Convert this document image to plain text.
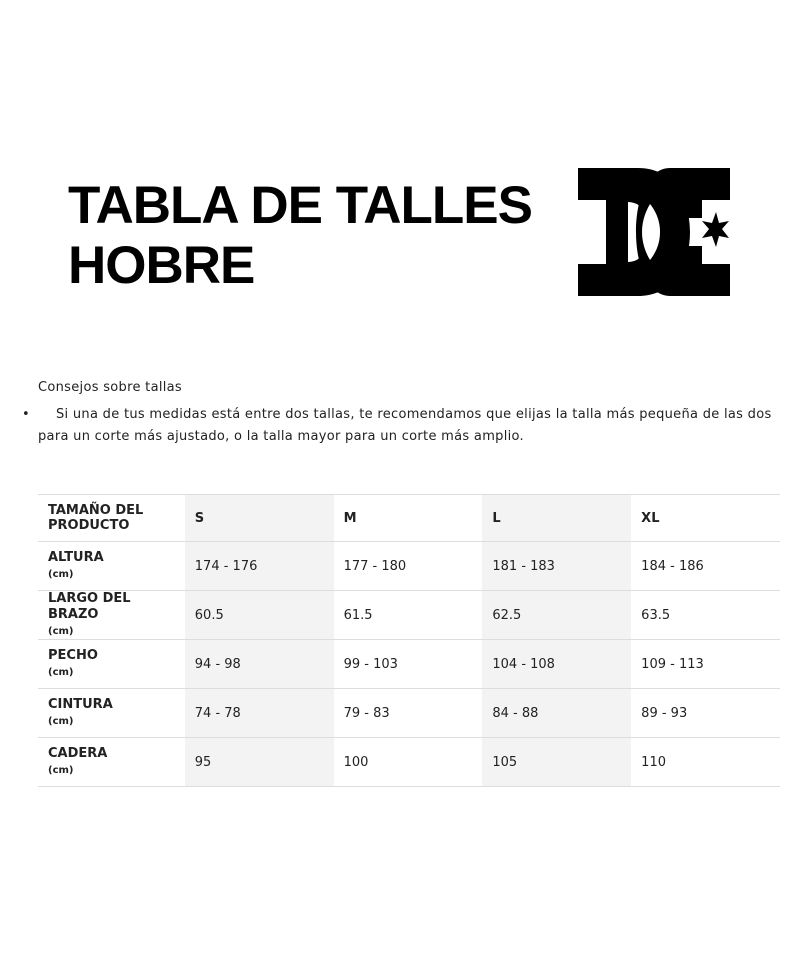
TABLA DE TALLES
HOBRE

Consejos sobre tallas

• Si una de tus medidas está entre dos tallas, te recomendamos que elijas la talla más pequeña de las dos para un corte más ajustado, o la talla mayor para un corte más amplio.
TAMAÑO DEL
PRODUCTO	S	M	L	XL

ALTURA
(cm)	174 - 176	177 - 180	181 - 183	184 - 186

LARGO DEL BRAZO
(cm)	60.5	61.5	62.5	63.5

PECHO
(cm)	94 - 98	99 - 103	104 - 108	109 - 113

CINTURA
(cm)	74 - 78	79 - 83	84 - 88	89 - 93

CADERA
(cm)	95	100	105	110
